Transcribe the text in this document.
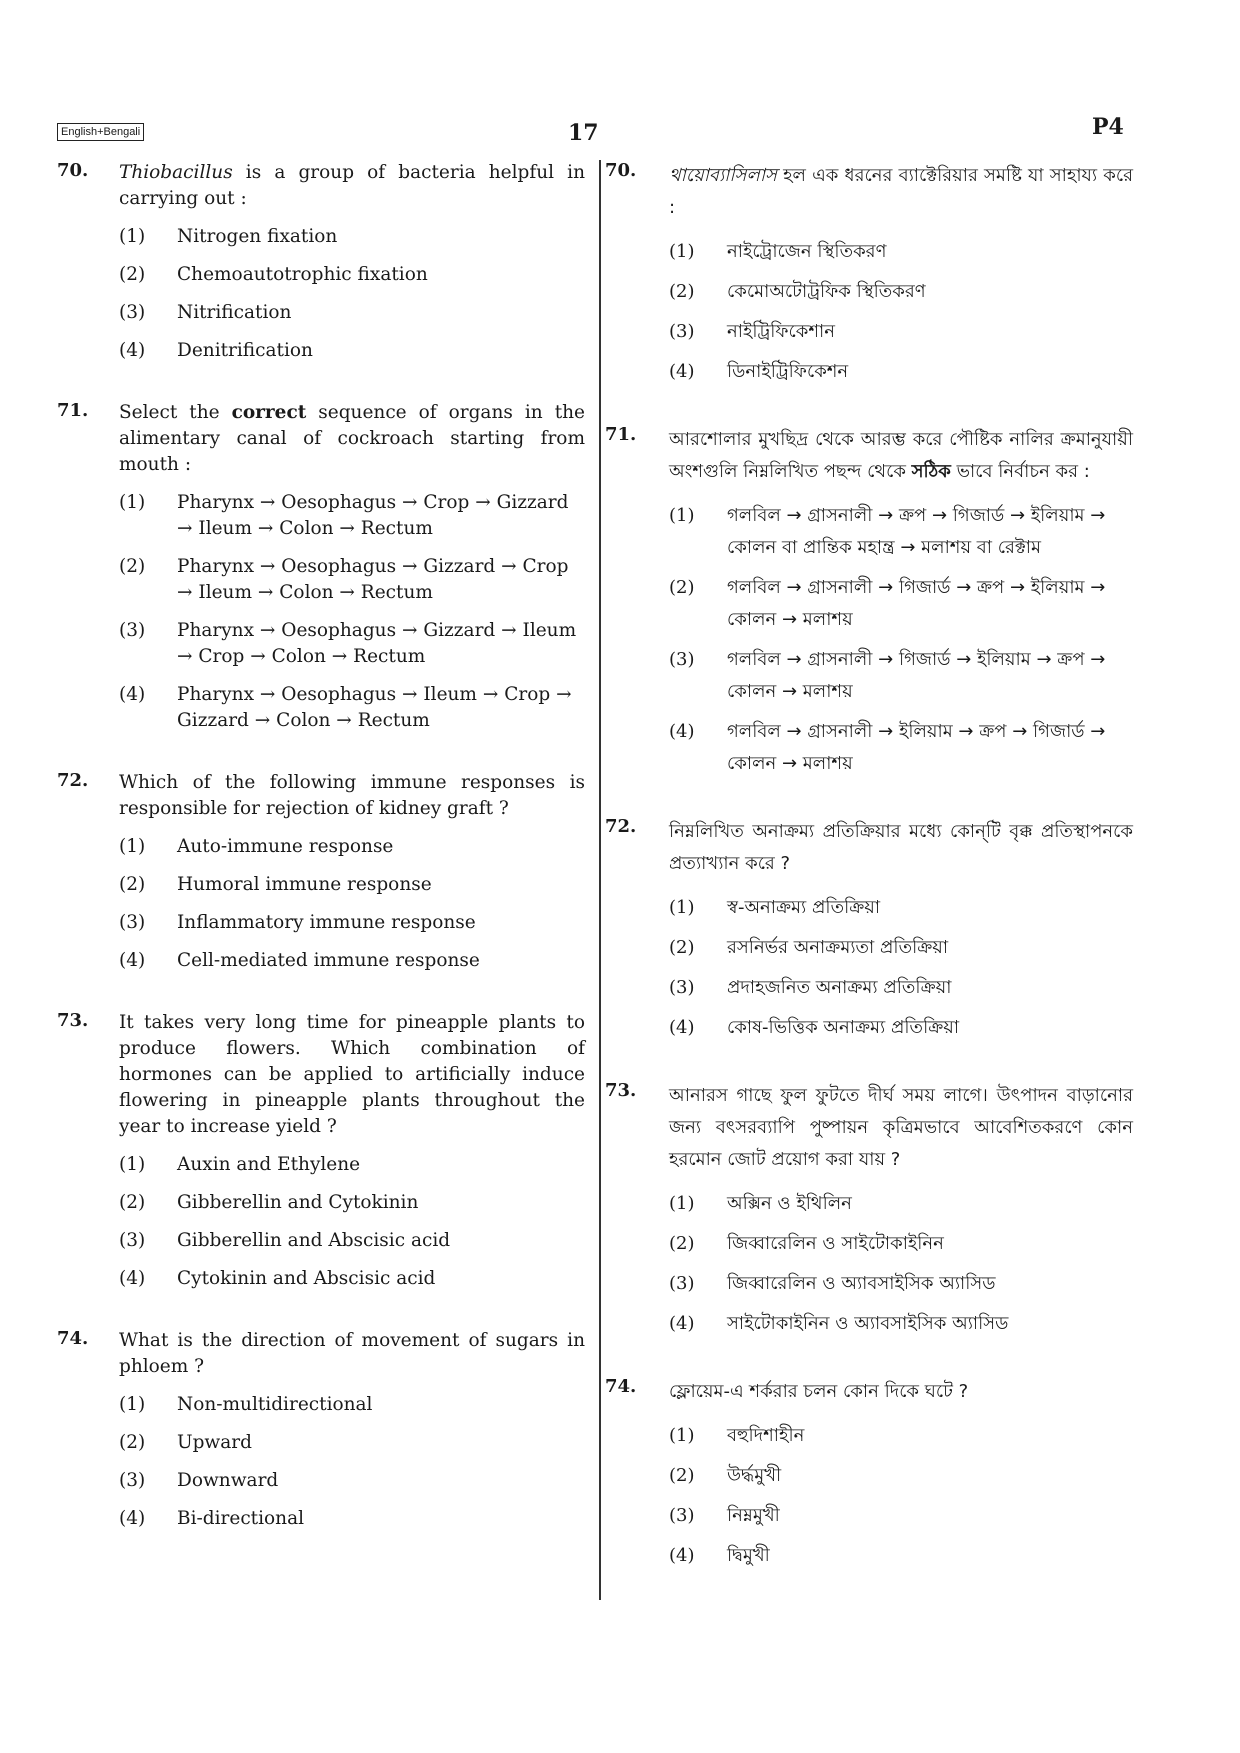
English+Bengali	17	P4
70. Thiobacillus is a group of bacteria helpful in carrying out :
(1) Nitrogen fixation
(2) Chemoautotrophic fixation
(3) Nitrification
(4) Denitrification
71. Select the correct sequence of organs in the alimentary canal of cockroach starting from mouth :
(1) Pharynx → Oesophagus → Crop → Gizzard → Ileum → Colon → Rectum
(2) Pharynx → Oesophagus → Gizzard → Crop → Ileum → Colon → Rectum
(3) Pharynx → Oesophagus → Gizzard → Ileum → Crop → Colon → Rectum
(4) Pharynx → Oesophagus → Ileum → Crop → Gizzard → Colon → Rectum
72. Which of the following immune responses is responsible for rejection of kidney graft ?
(1) Auto-immune response
(2) Humoral immune response
(3) Inflammatory immune response
(4) Cell-mediated immune response
73. It takes very long time for pineapple plants to produce flowers. Which combination of hormones can be applied to artificially induce flowering in pineapple plants throughout the year to increase yield ?
(1) Auxin and Ethylene
(2) Gibberellin and Cytokinin
(3) Gibberellin and Abscisic acid
(4) Cytokinin and Abscisic acid
74. What is the direction of movement of sugars in phloem ?
(1) Non-multidirectional
(2) Upward
(3) Downward
(4) Bi-directional
70. থায়োব্যাসিলাস হল এক ধরনের ব্যাক্টেরিয়ার সমষ্টি যা সাহায্য করে :
(1) নাইট্রোজেন স্থিতিকরণ
(2) কেমোঅটোট্রফিক স্থিতিকরণ
(3) নাইট্রিফিকেশান
(4) ডিনাইট্রিফিকেশন
71. আরশোলার মুখছিদ্র থেকে আরম্ভ করে পৌষ্টিক নালির ক্রমানুযায়ী অংশগুলি নিম্নলিখিত পছন্দ থেকে সঠিক ভাবে নির্বাচন কর :
(1) গলবিল → গ্রাসনালী → ক্রপ → গিজার্ড → ইলিয়াম → কোলন বা প্রান্তিক মহান্ত্র → মলাশয় বা রেক্টাম
(2) গলবিল → গ্রাসনালী → গিজার্ড → ক্রপ → ইলিয়াম → কোলন → মলাশয়
(3) গলবিল → গ্রাসনালী → গিজার্ড → ইলিয়াম → ক্রপ → কোলন → মলাশয়
(4) গলবিল → গ্রাসনালী → ইলিয়াম → ক্রপ → গিজার্ড → কোলন → মলাশয়
72. নিম্নলিখিত অনাক্রম্য প্রতিক্রিয়ার মধ্যে কোন্‌টি বৃক্ক প্রতিস্থাপনকে প্রত্যাখ্যান করে ?
(1) স্ব-অনাক্রম্য প্রতিক্রিয়া
(2) রসনির্ভর অনাক্রম্যতা প্রতিক্রিয়া
(3) প্রদাহজনিত অনাক্রম্য প্রতিক্রিয়া
(4) কোষ-ভিত্তিক অনাক্রম্য প্রতিক্রিয়া
73. আনারস গাছে ফুল ফুটতে দীর্ঘ সময় লাগে। উৎপাদন বাড়ানোর জন্য বৎসরব্যাপি পুষ্পায়ন কৃত্রিমভাবে আবেশিতকরণে কোন হরমোন জোট প্রয়োগ করা যায় ?
(1) অক্সিন ও ইথিলিন
(2) জিব্বারেলিন ও সাইটোকাইনিন
(3) জিব্বারেলিন ও অ্যাবসাইসিক অ্যাসিড
(4) সাইটোকাইনিন ও অ্যাবসাইসিক অ্যাসিড
74. ফ্লোয়েম-এ শর্করার চলন কোন দিকে ঘটে ?
(1) বহুদিশাহীন
(2) উর্দ্ধমুখী
(3) নিম্নমুখী
(4) দ্বিমুখী
